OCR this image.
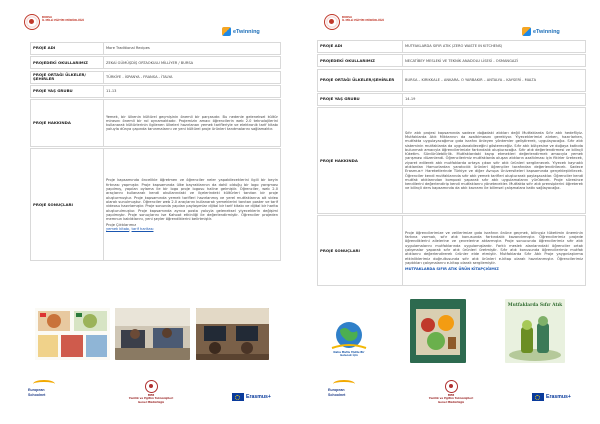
BURSA
İL MİLLİ EĞİTİM MÜDÜRLÜĞÜ
eTwinning
PROJE ADI	More Traditional Recipes

PROJEDEKİ OKULLARIMIZ	ZEKAİ GÜMÜŞDİŞ ORTAOKULU MİLLİYER / BURSA

PROJE ORTAĞI ÜLKELER/ŞEHİRLER	TÜRKİYE - İSPANYA - FRANSA - İTALYA

PROJE YAŞ GRUBU	11-13

PROJE HAKKINDA	Yemek, bir ülkenin kültürel geçmişinin önemli bir parçasıdır. Bu nedenle geleneksel kültür mirasını önemli bir rol oynamaktadır. Projemizin amacı öğrencilerin web 2.0 teknolojilerini kullanarak kültürlerinin ilgilenen ülkeleri hazırlanan yemek tarifleriyle ve elektronik tarif kitabı yoluyla dünya çapında tanınmalarını ve yeni kültürel proje ürünleri tanıtmalarını sağlamaktır.

PROJE SONUÇLARI	Proje kapsamında öncelikle öğretmen ve öğrenciler neler yapabileceklerini ilgili bir beyin fırtınası yapmıştır. Proje kapsamında ülke bayraklarının da dahil olduğu bir logo yarışması yapılmış, yapılan oylama ile bir logo proje logosu haline gelmiştir. Öğrenciler, web 2.0 araçlarını kullanarak kendi okullarındaki ve ilçelerindeki kültürleri tanıtan bir proje oluşturmuştur. Proje kapsamında yemek tarifleri hazırlanmış ve yerel mutfaklarına ait video olarak sunulmuştur. Öğrenciler web 2.0 araçlarını kullanarak yemeklerini tanıtan poster ve tarif videosu hazırlamıştır. Proje sonunda yapılan paylaşımlar dijital bir tarif kitabı ve dijital bir harita oluşturulmuştur. Proje kapsamında ayrıca posta yoluyla geleneksel yiyeceklerin değişimi yapılmıştır. Proje sonuçlarını ise Kahoot etkinliği ile değerlendirmiştir. Öğrenciler projeden memnun kaldıklarını, yeni şeyler öğrendiklerini belirtmiştir.
Proje Çıktılarımız
yemek kitabı, tarif haritası
European
Schoolnet	MEB
Yenilik ve Eğitim Teknolojileri
Genel Müdürlüğü
Erasmus+
BURSA
İL MİLLİ EĞİTİM MÜDÜRLÜĞÜ
eTwinning
PROJE ADI	MUTFAKLARDA SIFIR ATIK (ZERO WASTE IN KITCHENS)

PROJEDEKİ OKULLARIMIZ	NECATİBEY MESLEKİ VE TEKNİK ANADOLU LİSESİ - OSMANGAZİ

PROJE ORTAĞI ÜLKELER/ŞEHİRLER	BURSA – KIRIKKALE – ANKARA- O YARBAKIR – ANTALYA – KAYSERİ - MALTA

PROJE YAŞ GRUBU	14-19

PROJE HAKKINDA	Sıfır atık projesi kapsamında sadece doğadaki atıkları değil Mutfaklarda Sıfır atık hedefliyiz. Mutfaklarda Atık Miktarının da azaltılmasını gerekiyor. Yiyeceklerimizi alırken, hazırlarken, mutfakta uygulayacağımız gıda israfını önleyen yöntemler geliştirerek, uygulayacağız. Sıfır atık sisteminin mutfaklarda da uygulanabileceğini göstereceğiz. Sıfır atık bütçesine ve doğaya katkıda bulunmak amacıyla öğrencilerimizle farkındalık oluşturacağız. Sıfır atık değerlendirmesi ve bilinçli tüketim. Sürdürülebilirlik. Mutfaklardaki kayıp ekmekleri değerlendirmek amacıyla yemek yarışması düzenlendi. Öğrencilerimiz mutfaklarda oluşan atıkların azaltılması için fikirler üretecek, ziyaret edilerek atık mutfaklarda ortaya çıkan sıfır atık ürünleri sergilenecek. Yiyecek kaynaklı atıklardan Hamurlardan yaratıcılık ürünleri öğrenciler tarafından değerlendirilecek. Sadece Erasmus+ Hareketlerinde Türkiye ve diğer Avrupa Üniversiteleri kapsamında gerçekleştirilecek. Öğrenciler kendi mutfaklarında sıfır atık yemek tarifleri oluşturarak paylaşacaklar. Öğrenciler kendi mutfak atıklarından kompost yaparak sıfır atık uygulamalarını yürütecek. Proje süresince kendilerini değerlendirip kendi mutfaklarını yönetecekler. Mutfakta sıfır atık prensiplerini öğreterek ve bilinçli ders kapsamında da atık kavramı ile bilimsel çalışmalara katkı sağlayacağız.

PROJE SONUÇLARI	Proje öğrencilerimize ve velilerimize gıda israfının önüne geçmek, bilinçsiz tüketimin öneminin farkına varmak, sıfır atık konusunda farkındalık kazandırmıştır. Öğrencilerimiz projede öğrendiklerini ailelerine ve çevrelerine aktarmıştır. Proje sonucunda öğrencilerimiz sıfır atık uygulamalarını mutfaklarında uygulamışlardır. Farklı meslek alanlarındaki öğrenciler ortak çalışmalar yaparak sıfır atık ürünleri üretmiştir. Sıfır atık konusunda öğrencilerimiz mutfak atıklarını değerlendirerek ürünler elde etmiştir. Mutfaklarda Sıfır Atık Proje yaygınlaştırma etkinliklerimiz doğrultusunda sıfır atık ürünleri e-kitap olarak hazırlanmıştır. Öğrencilerimiz yaptıkları çalışmalarını e-kitap olarak sergilemiştir.
MUTFAKLARDA SIFIR ATIK ÜRÜN KİTAPÇIĞIMIZ
Daha Mutlu Mutlu Bir
Gelecek İçin
Mutfaklarda Sıfır Atık
European
Schoolnet	MEB
Yenilik ve Eğitim Teknolojileri
Genel Müdürlüğü
Erasmus+
